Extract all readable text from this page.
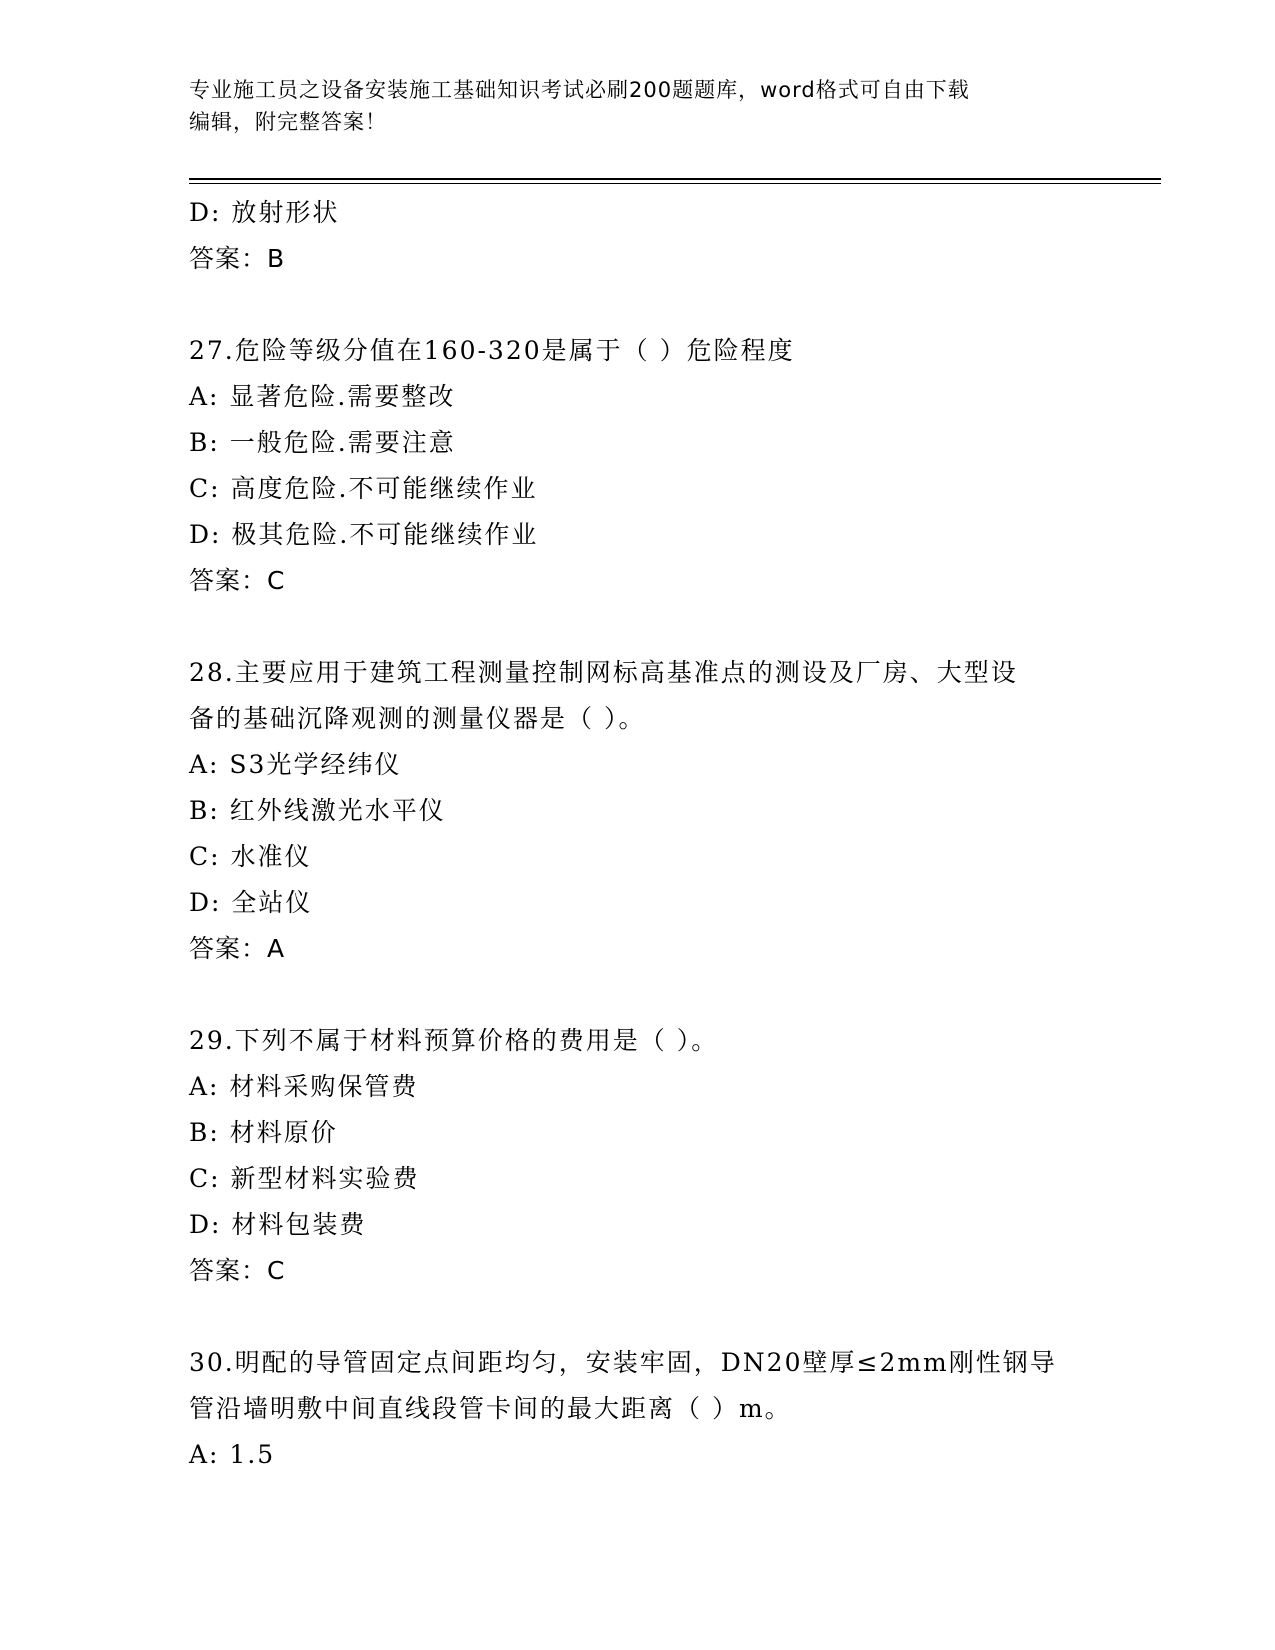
专业施工员之设备安装施工基础知识考试必刷200题题库，word格式可自由下载
编辑，附完整答案！
D: 放射形状
答案：B
27.危险等级分值在160-320是属于（ ）危险程度
A: 显著危险.需要整改
B: 一般危险.需要注意
C: 高度危险.不可能继续作业
D: 极其危险.不可能继续作业
答案：C
28.主要应用于建筑工程测量控制网标高基准点的测设及厂房、大型设
备的基础沉降观测的测量仪器是（ ）。
A: S3光学经纬仪
B: 红外线激光水平仪
C: 水准仪
D: 全站仪
答案：A
29.下列不属于材料预算价格的费用是（ ）。
A: 材料采购保管费
B: 材料原价
C: 新型材料实验费
D: 材料包装费
答案：C
30.明配的导管固定点间距均匀，安装牢固，DN20壁厚≤2mm刚性钢导
管沿墙明敷中间直线段管卡间的最大距离（ ）m。
A: 1.5
